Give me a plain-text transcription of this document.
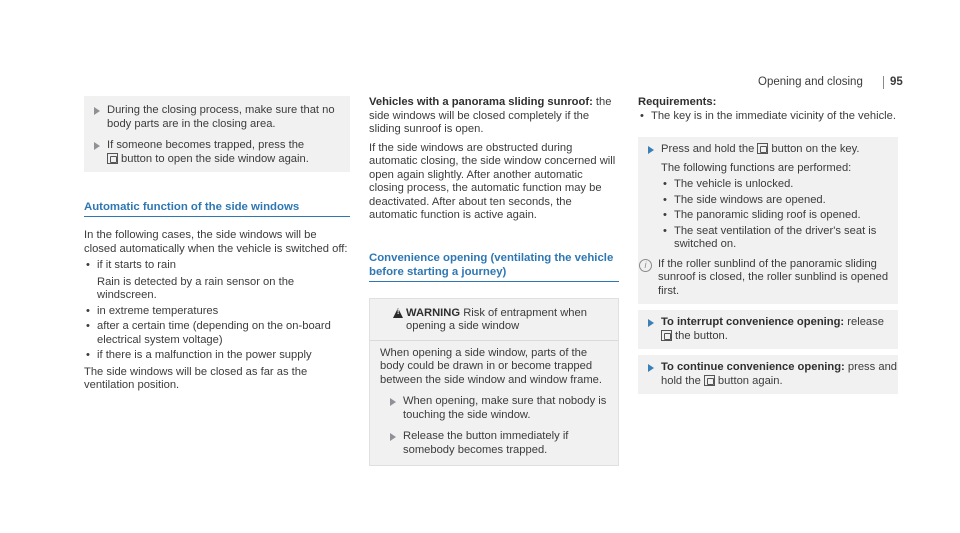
Opening and closing 95
During the closing process, make sure that no body parts are in the closing area.
If someone becomes trapped, press the
button to open the side window again.
Automatic function of the side windows

In the following cases, the side windows will be closed automatically when the vehicle is switched off:

• if it starts to rain
Rain is detected by a rain sensor on the windscreen.
• in extreme temperatures
• after a certain time (depending on the on-board electrical system voltage)
• if there is a malfunction in the power supply

The side windows will be closed as far as the ventilation position.

Vehicles with a panorama sliding sunroof: the side windows will be closed completely if the sliding sunroof is open.

If the side windows are obstructed during automatic closing, the side window concerned will open again slightly. After another automatic closing process, the automatic function may be deactivated. After about ten seconds, the automatic function is active again.

Convenience opening (ventilating the vehicle before starting a journey)
!
WARNING Risk of entrapment when opening a side window

When opening a side window, parts of the body could be drawn in or become trapped between the side window and window frame.

When opening, make sure that nobody is touching the side window.
Release the button immediately if somebody becomes trapped.

Requirements:

• The key is in the immediate vicinity of the vehicle.
Press and hold the button on the key.

The following functions are performed:

• The vehicle is unlocked.
• The side windows are opened.
• The panoramic sliding roof is opened.
• The seat ventilation of the driver's seat is switched on.
i	If the roller sunblind of the panoramic sliding sunroof is closed, the roller sunblind is opened first.
To interrupt convenience opening: release
the button.
To continue convenience opening: press and hold the button again.
